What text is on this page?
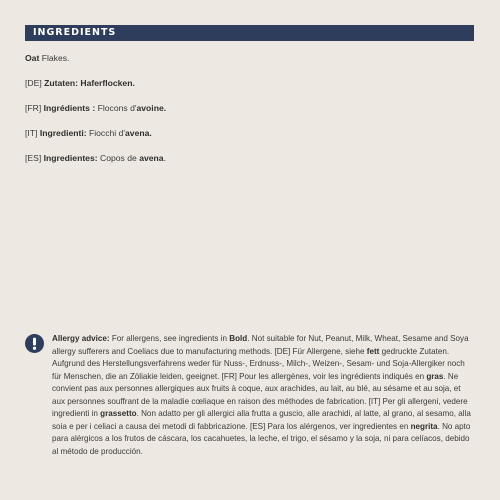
INGREDIENTS

Oat Flakes.

[DE] Zutaten: Haferflocken.

[FR] Ingrédients : Flocons d'avoine.

[IT] Ingredienti: Fiocchi d'avena.

[ES] Ingredientes: Copos de avena.

Allergy advice: For allergens, see ingredients in Bold. Not suitable for Nut, Peanut, Milk, Wheat, Sesame and Soya allergy sufferers and Coeliacs due to manufacturing methods. [DE] Für Allergene, siehe fett gedruckte Zutaten. Aufgrund des Herstellungsverfahrens weder für Nuss-, Erdnuss-, Milch-, Weizen-, Sesam- und Soja-Allergiker noch für Menschen, die an Zöliakie leiden, geeignet. [FR] Pour les allergènes, voir les ingrédients indiqués en gras. Ne convient pas aux personnes allergiques aux fruits à coque, aux arachides, au lait, au blé, au sésame et au soja, et aux personnes souffrant de la maladie cœliaque en raison des méthodes de fabrication. [IT] Per gli allergeni, vedere ingredienti in grassetto. Non adatto per gli allergici alla frutta a guscio, alle arachidi, al latte, al grano, al sesamo, alla soia e per i celiaci a causa dei metodi di fabbricazione. [ES] Para los alérgenos, ver ingredientes en negrita. No apto para alérgicos a los frutos de cáscara, los cacahuetes, la leche, el trigo, el sésamo y la soja, ni para celíacos, debido al método de producción.
